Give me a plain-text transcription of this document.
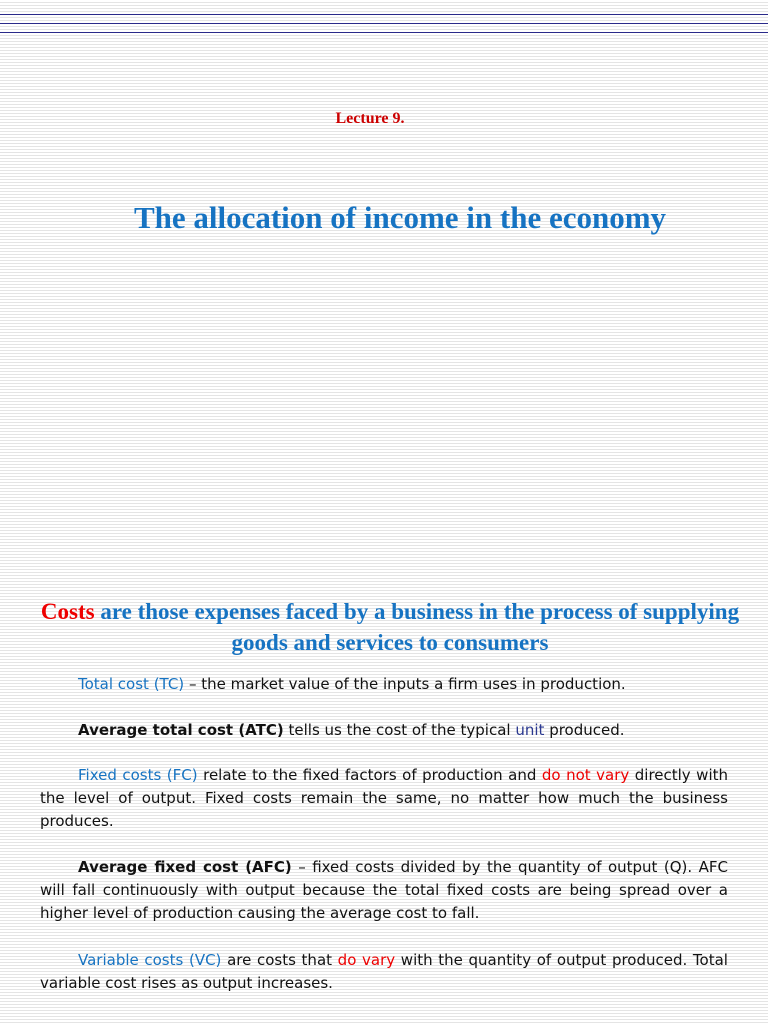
Lecture 9.
The allocation of income in the economy
Costs are those expenses faced by a business in the process of supplying goods and services to consumers
Total cost (TC) – the market value of the inputs a firm uses in production.
Average total cost (ATC) tells us the cost of the typical unit produced.
Fixed costs (FC) relate to the fixed factors of production and do not vary directly with the level of output. Fixed costs remain the same, no matter how much the business produces.
Average fixed cost (AFC) – fixed costs divided by the quantity of output (Q). AFC will fall continuously with output because the total fixed costs are being spread over a higher level of production causing the average cost to fall.
Variable costs (VC) are costs that do vary with the quantity of output produced. Total variable cost rises as output increases.
